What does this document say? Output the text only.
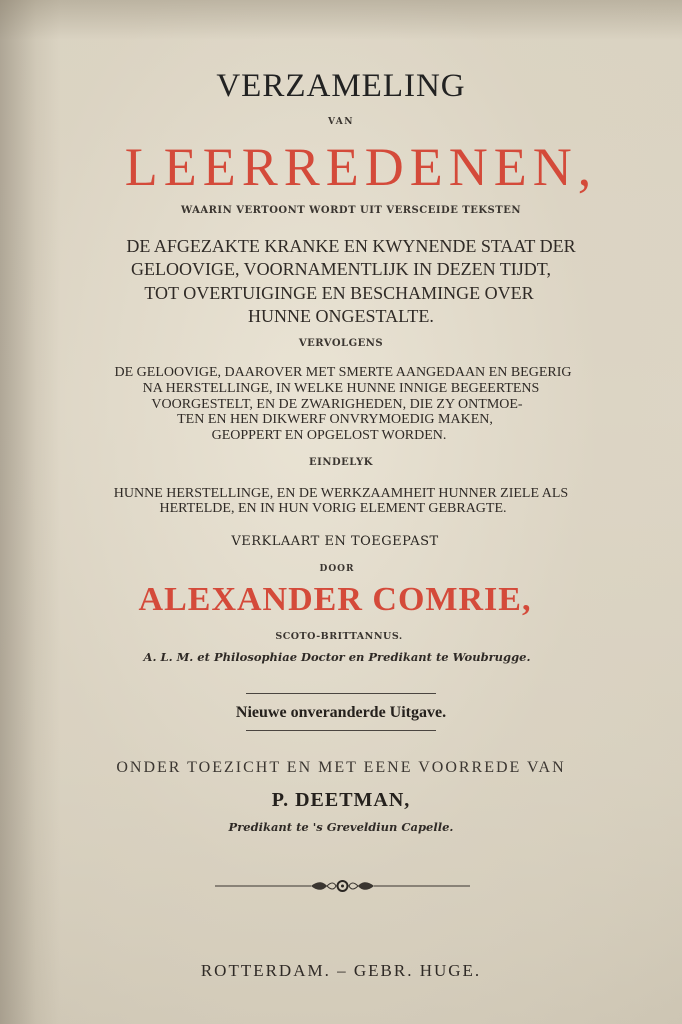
VERZAMELING
VAN
LEERREDENEN,
WAARIN VERTOONT WORDT UIT VERSCEIDE TEKSTEN
DE AFGEZAKTE KRANKE EN KWYNENDE STAAT DER
GELOOVIGE, VOORNAMENTLIJK IN DEZEN TIJDT,
TOT OVERTUIGINGE EN BESCHAMINGE OVER
HUNNE ONGESTALTE.
VERVOLGENS
DE GELOOVIGE, DAAROVER MET SMERTE AANGEDAAN EN BEGERIG
NA HERSTELLINGE, IN WELKE HUNNE INNIGE BEGEERTENS
VOORGESTELT, EN DE ZWARIGHEDEN, DIE ZY ONTMOE-
TEN EN HEN DIKWERF ONVRYMOEDIG MAKEN,
GEOPPERT EN OPGELOST WORDEN.
EINDELYK
HUNNE HERSTELLINGE, EN DE WERKZAAMHEIT HUNNER ZIELE ALS
HERTELDE, EN IN HUN VORIG ELEMENT GEBRAGTE.
VERKLAART EN TOEGEPAST
DOOR
ALEXANDER COMRIE,
SCOTO-BRITTANNUS.
A. L. M. et Philosophiae Doctor en Predikant te Woubrugge.
Nieuwe onveranderde Uitgave.
ONDER TOEZICHT EN MET EENE VOORREDE VAN
P. DEETMAN,
Predikant te 's Greveldiun Capelle.
ROTTERDAM. – GEBR. HUGE.
